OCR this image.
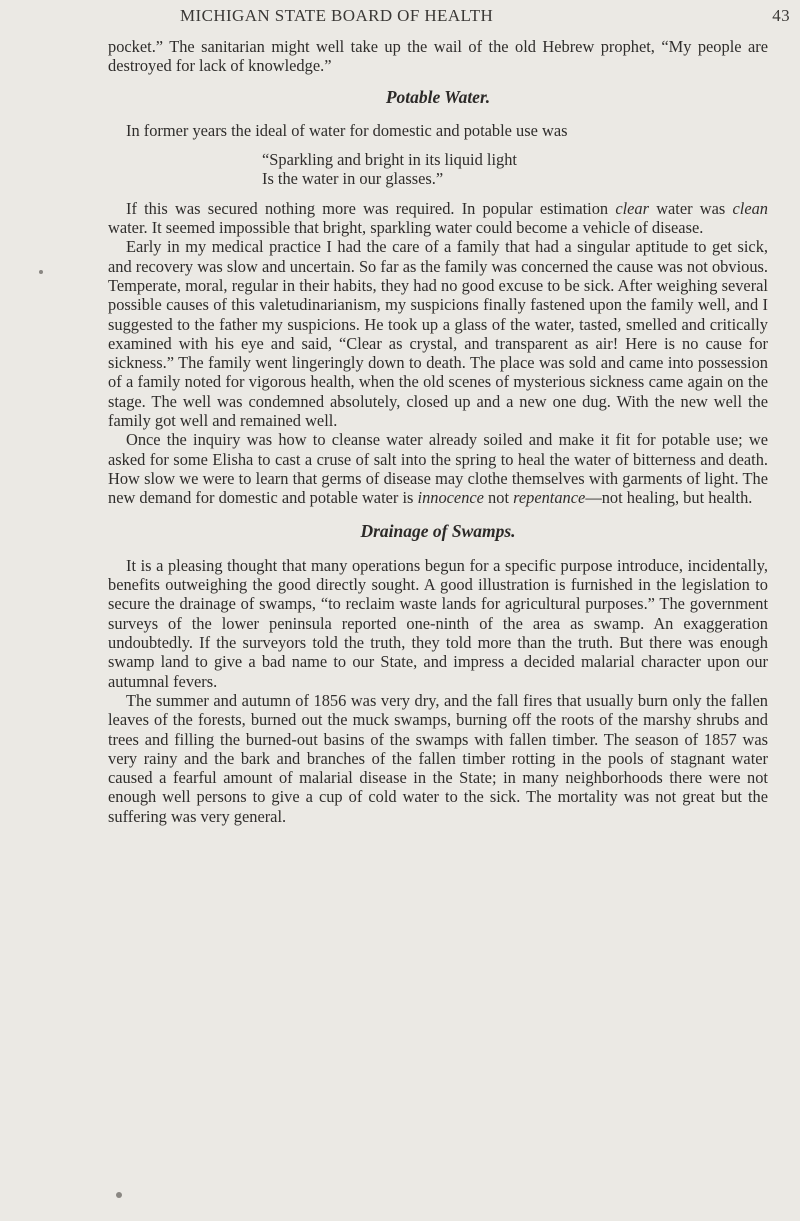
MICHIGAN STATE BOARD OF HEALTH	43

pocket.” The sanitarian might well take up the wail of the old Hebrew prophet, “My people are destroyed for lack of knowledge.”

Potable Water.

In former years the ideal of water for domestic and potable use was

“Sparkling and bright in its liquid light
Is the water in our glasses.”

If this was secured nothing more was required. In popular estimation clear water was clean water. It seemed impossible that bright, sparkling water could become a vehicle of disease.

Early in my medical practice I had the care of a family that had a singular aptitude to get sick, and recovery was slow and uncertain. So far as the family was concerned the cause was not obvious. Temperate, moral, regular in their habits, they had no good excuse to be sick. After weighing several possible causes of this valetudinarianism, my suspicions finally fastened upon the family well, and I suggested to the father my suspicions. He took up a glass of the water, tasted, smelled and critically examined with his eye and said, “Clear as crystal, and transparent as air! Here is no cause for sickness.” The family went lingeringly down to death. The place was sold and came into possession of a family noted for vigorous health, when the old scenes of mysterious sickness came again on the stage. The well was condemned absolutely, closed up and a new one dug. With the new well the family got well and remained well.

Once the inquiry was how to cleanse water already soiled and make it fit for potable use; we asked for some Elisha to cast a cruse of salt into the spring to heal the water of bitterness and death. How slow we were to learn that germs of disease may clothe themselves with garments of light. The new demand for domestic and potable water is innocence not repentance—not healing, but health.

Drainage of Swamps.

It is a pleasing thought that many operations begun for a specific purpose introduce, incidentally, benefits outweighing the good directly sought. A good illustration is furnished in the legislation to secure the drainage of swamps, “to reclaim waste lands for agricultural purposes.” The government surveys of the lower peninsula reported one-ninth of the area as swamp. An exaggeration undoubtedly. If the surveyors told the truth, they told more than the truth. But there was enough swamp land to give a bad name to our State, and impress a decided malarial character upon our autumnal fevers.

The summer and autumn of 1856 was very dry, and the fall fires that usually burn only the fallen leaves of the forests, burned out the muck swamps, burning off the roots of the marshy shrubs and trees and filling the burned-out basins of the swamps with fallen timber. The season of 1857 was very rainy and the bark and branches of the fallen timber rotting in the pools of stagnant water caused a fearful amount of malarial disease in the State; in many neighborhoods there were not enough well persons to give a cup of cold water to the sick. The mortality was not great but the suffering was very general.
